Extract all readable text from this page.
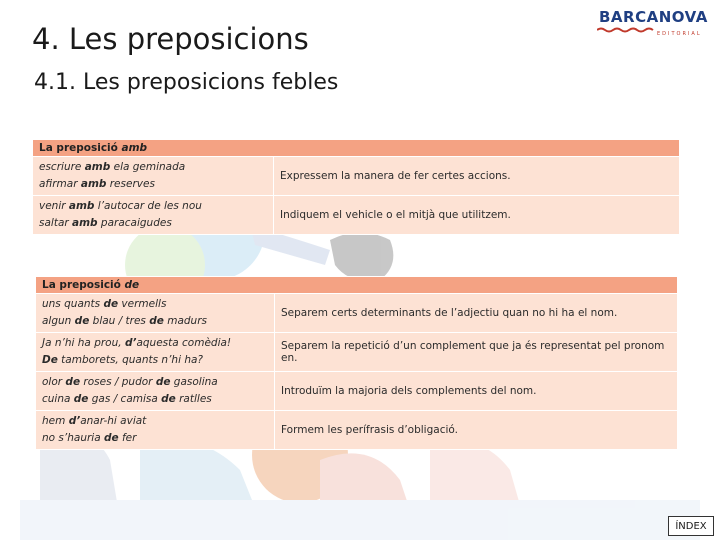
4. Les preposicions
4.1. Les preposicions febles
BARCANOVA
EDITORIAL
La preposició amb	

escriure amb ela geminada
afirmar amb reserves	Expressem la manera de fer certes accions.

venir amb l’autocar de les nou
saltar amb paracaigudes	Indiquem el vehicle o el mitjà que utilitzem.
La preposició de	

uns quants de vermells
algun de blau / tres de madurs	Separem certs determinants de l’adjectiu quan no hi ha el nom.

Ja n’hi ha prou, d’aquesta comèdia!
De tamborets, quants n’hi ha?	Separem la repetició d’un complement que ja és representat pel pronom en.

olor de roses / pudor de gasolina
cuina de gas / camisa de ratlles	Introduïm la majoria dels complements del nom.

hem d’anar-hi aviat
no s’hauria de fer	Formem les perífrasis d’obligació.
ÍNDEX
